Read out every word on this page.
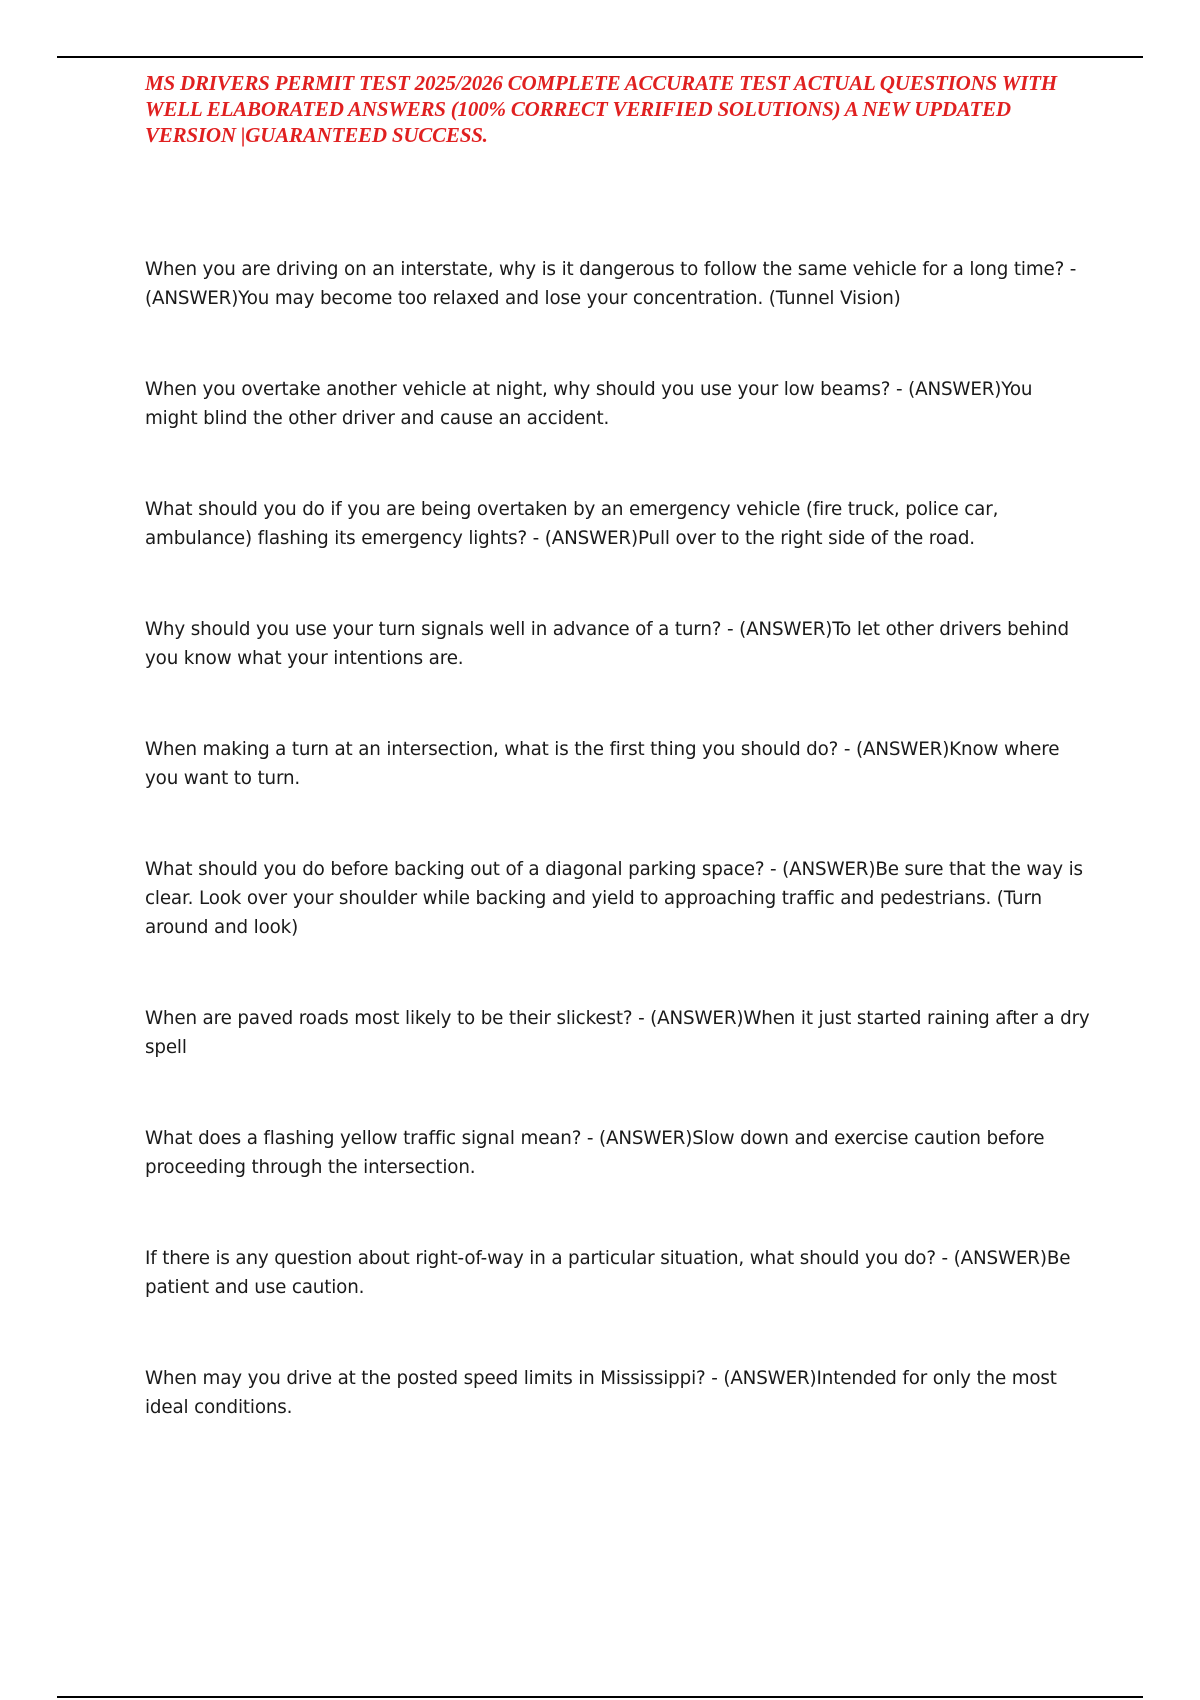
MS DRIVERS PERMIT TEST 2025/2026 COMPLETE ACCURATE TEST ACTUAL QUESTIONS WITH WELL ELABORATED ANSWERS (100% CORRECT VERIFIED SOLUTIONS) A NEW UPDATED VERSION |GUARANTEED SUCCESS.
When you are driving on an interstate, why is it dangerous to follow the same vehicle for a long time? - (ANSWER)You may become too relaxed and lose your concentration. (Tunnel Vision)
When you overtake another vehicle at night, why should you use your low beams? - (ANSWER)You might blind the other driver and cause an accident.
What should you do if you are being overtaken by an emergency vehicle (fire truck, police car, ambulance) flashing its emergency lights? - (ANSWER)Pull over to the right side of the road.
Why should you use your turn signals well in advance of a turn? - (ANSWER)To let other drivers behind you know what your intentions are.
When making a turn at an intersection, what is the first thing you should do? - (ANSWER)Know where you want to turn.
What should you do before backing out of a diagonal parking space? - (ANSWER)Be sure that the way is clear. Look over your shoulder while backing and yield to approaching traffic and pedestrians. (Turn around and look)
When are paved roads most likely to be their slickest? - (ANSWER)When it just started raining after a dry spell
What does a flashing yellow traffic signal mean? - (ANSWER)Slow down and exercise caution before proceeding through the intersection.
If there is any question about right-of-way in a particular situation, what should you do? - (ANSWER)Be patient and use caution.
When may you drive at the posted speed limits in Mississippi? - (ANSWER)Intended for only the most ideal conditions.
